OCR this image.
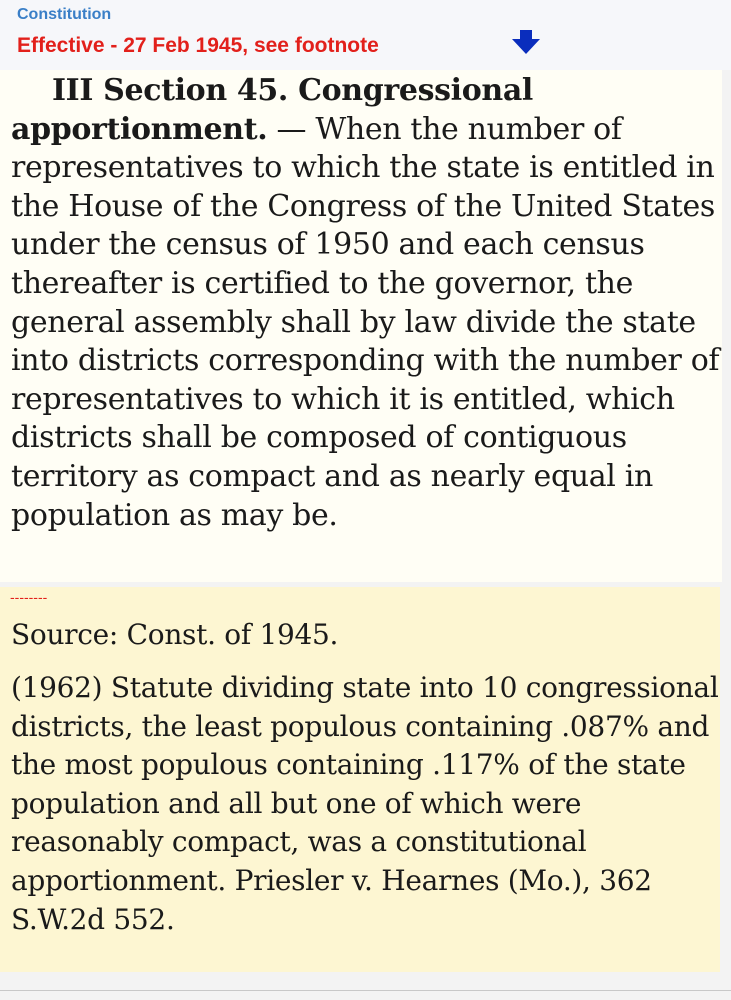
Constitution
Effective - 27 Feb 1945, see footnote

III Section 45. Congressional apportionment. — When the number of representatives to which the state is entitled in the House of the Congress of the United States under the census of 1950 and each census thereafter is certified to the governor, the general assembly shall by law divide the state into districts corresponding with the number of representatives to which it is entitled, which districts shall be composed of contiguous territory as compact and as nearly equal in population as may be.

--------

Source: Const. of 1945.

(1962) Statute dividing state into 10 congressional districts, the least populous containing .087% and the most populous containing .117% of the state population and all but one of which were reasonably compact, was a constitutional apportionment. Priesler v. Hearnes (Mo.), 362 S.W.2d 552.
